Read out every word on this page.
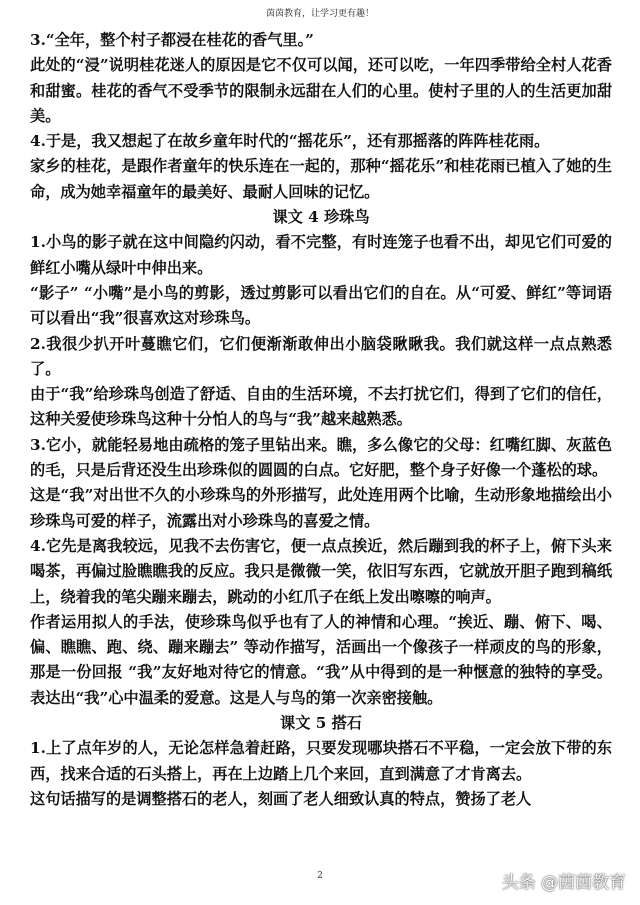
茵茵教育，让学习更有趣！

3.“全年，整个村子都浸在桂花的香气里。”

此处的“浸”说明桂花迷人的原因是它不仅可以闻，还可以吃，一年四季带给全村人花香和甜蜜。桂花的香气不受季节的限制永远甜在人们的心里。使村子里的人的生活更加甜美。

4.于是，我又想起了在故乡童年时代的“摇花乐”，还有那摇落的阵阵桂花雨。

家乡的桂花，是跟作者童年的快乐连在一起的，那种“摇花乐”和桂花雨已植入了她的生命，成为她幸福童年的最美好、最耐人回味的记忆。

课文 4 珍珠鸟

1.小鸟的影子就在这中间隐约闪动，看不完整，有时连笼子也看不出，却见它们可爱的鲜红小嘴从绿叶中伸出来。

“影子” “小嘴”是小鸟的剪影，透过剪影可以看出它们的自在。从“可爱、鲜红”等词语可以看出“我”很喜欢这对珍珠鸟。

2.我很少扒开叶蔓瞧它们，它们便渐渐敢伸出小脑袋瞅瞅我。我们就这样一点点熟悉了。

由于“我”给珍珠鸟创造了舒适、自由的生活环境，不去打扰它们，得到了它们的信任，这种关爱使珍珠鸟这种十分怕人的鸟与“我”越来越熟悉。

3.它小，就能轻易地由疏格的笼子里钻出来。瞧，多么像它的父母：红嘴红脚、灰蓝色的毛，只是后背还没生出珍珠似的圆圆的白点。它好肥，整个身子好像一个蓬松的球。

这是“我”对出世不久的小珍珠鸟的外形描写，此处连用两个比喻，生动形象地描绘出小珍珠鸟可爱的样子，流露出对小珍珠鸟的喜爱之情。

4.它先是离我较远，见我不去伤害它，便一点点挨近，然后蹦到我的杯子上，俯下头来喝茶，再偏过脸瞧瞧我的反应。我只是微微一笑，依旧写东西，它就放开胆子跑到稿纸上，绕着我的笔尖蹦来蹦去，跳动的小红爪子在纸上发出嚓嚓的响声。

作者运用拟人的手法，使珍珠鸟似乎也有了人的神情和心理。“挨近、蹦、俯下、喝、偏、瞧瞧、跑、绕、蹦来蹦去” 等动作描写，活画出一个像孩子一样顽皮的鸟的形象，那是一份回报 “我”友好地对待它的情意。“我”从中得到的是一种惬意的独特的享受。表达出“我”心中温柔的爱意。这是人与鸟的第一次亲密接触。

课文 5 搭石

1.上了点年岁的人，无论怎样急着赶路，只要发现哪块搭石不平稳，一定会放下带的东西，找来合适的石头搭上，再在上边踏上几个来回，直到满意了才肯离去。

这句话描写的是调整搭石的老人，刻画了老人细致认真的特点，赞扬了老人

2	头条 @茵茵教育
